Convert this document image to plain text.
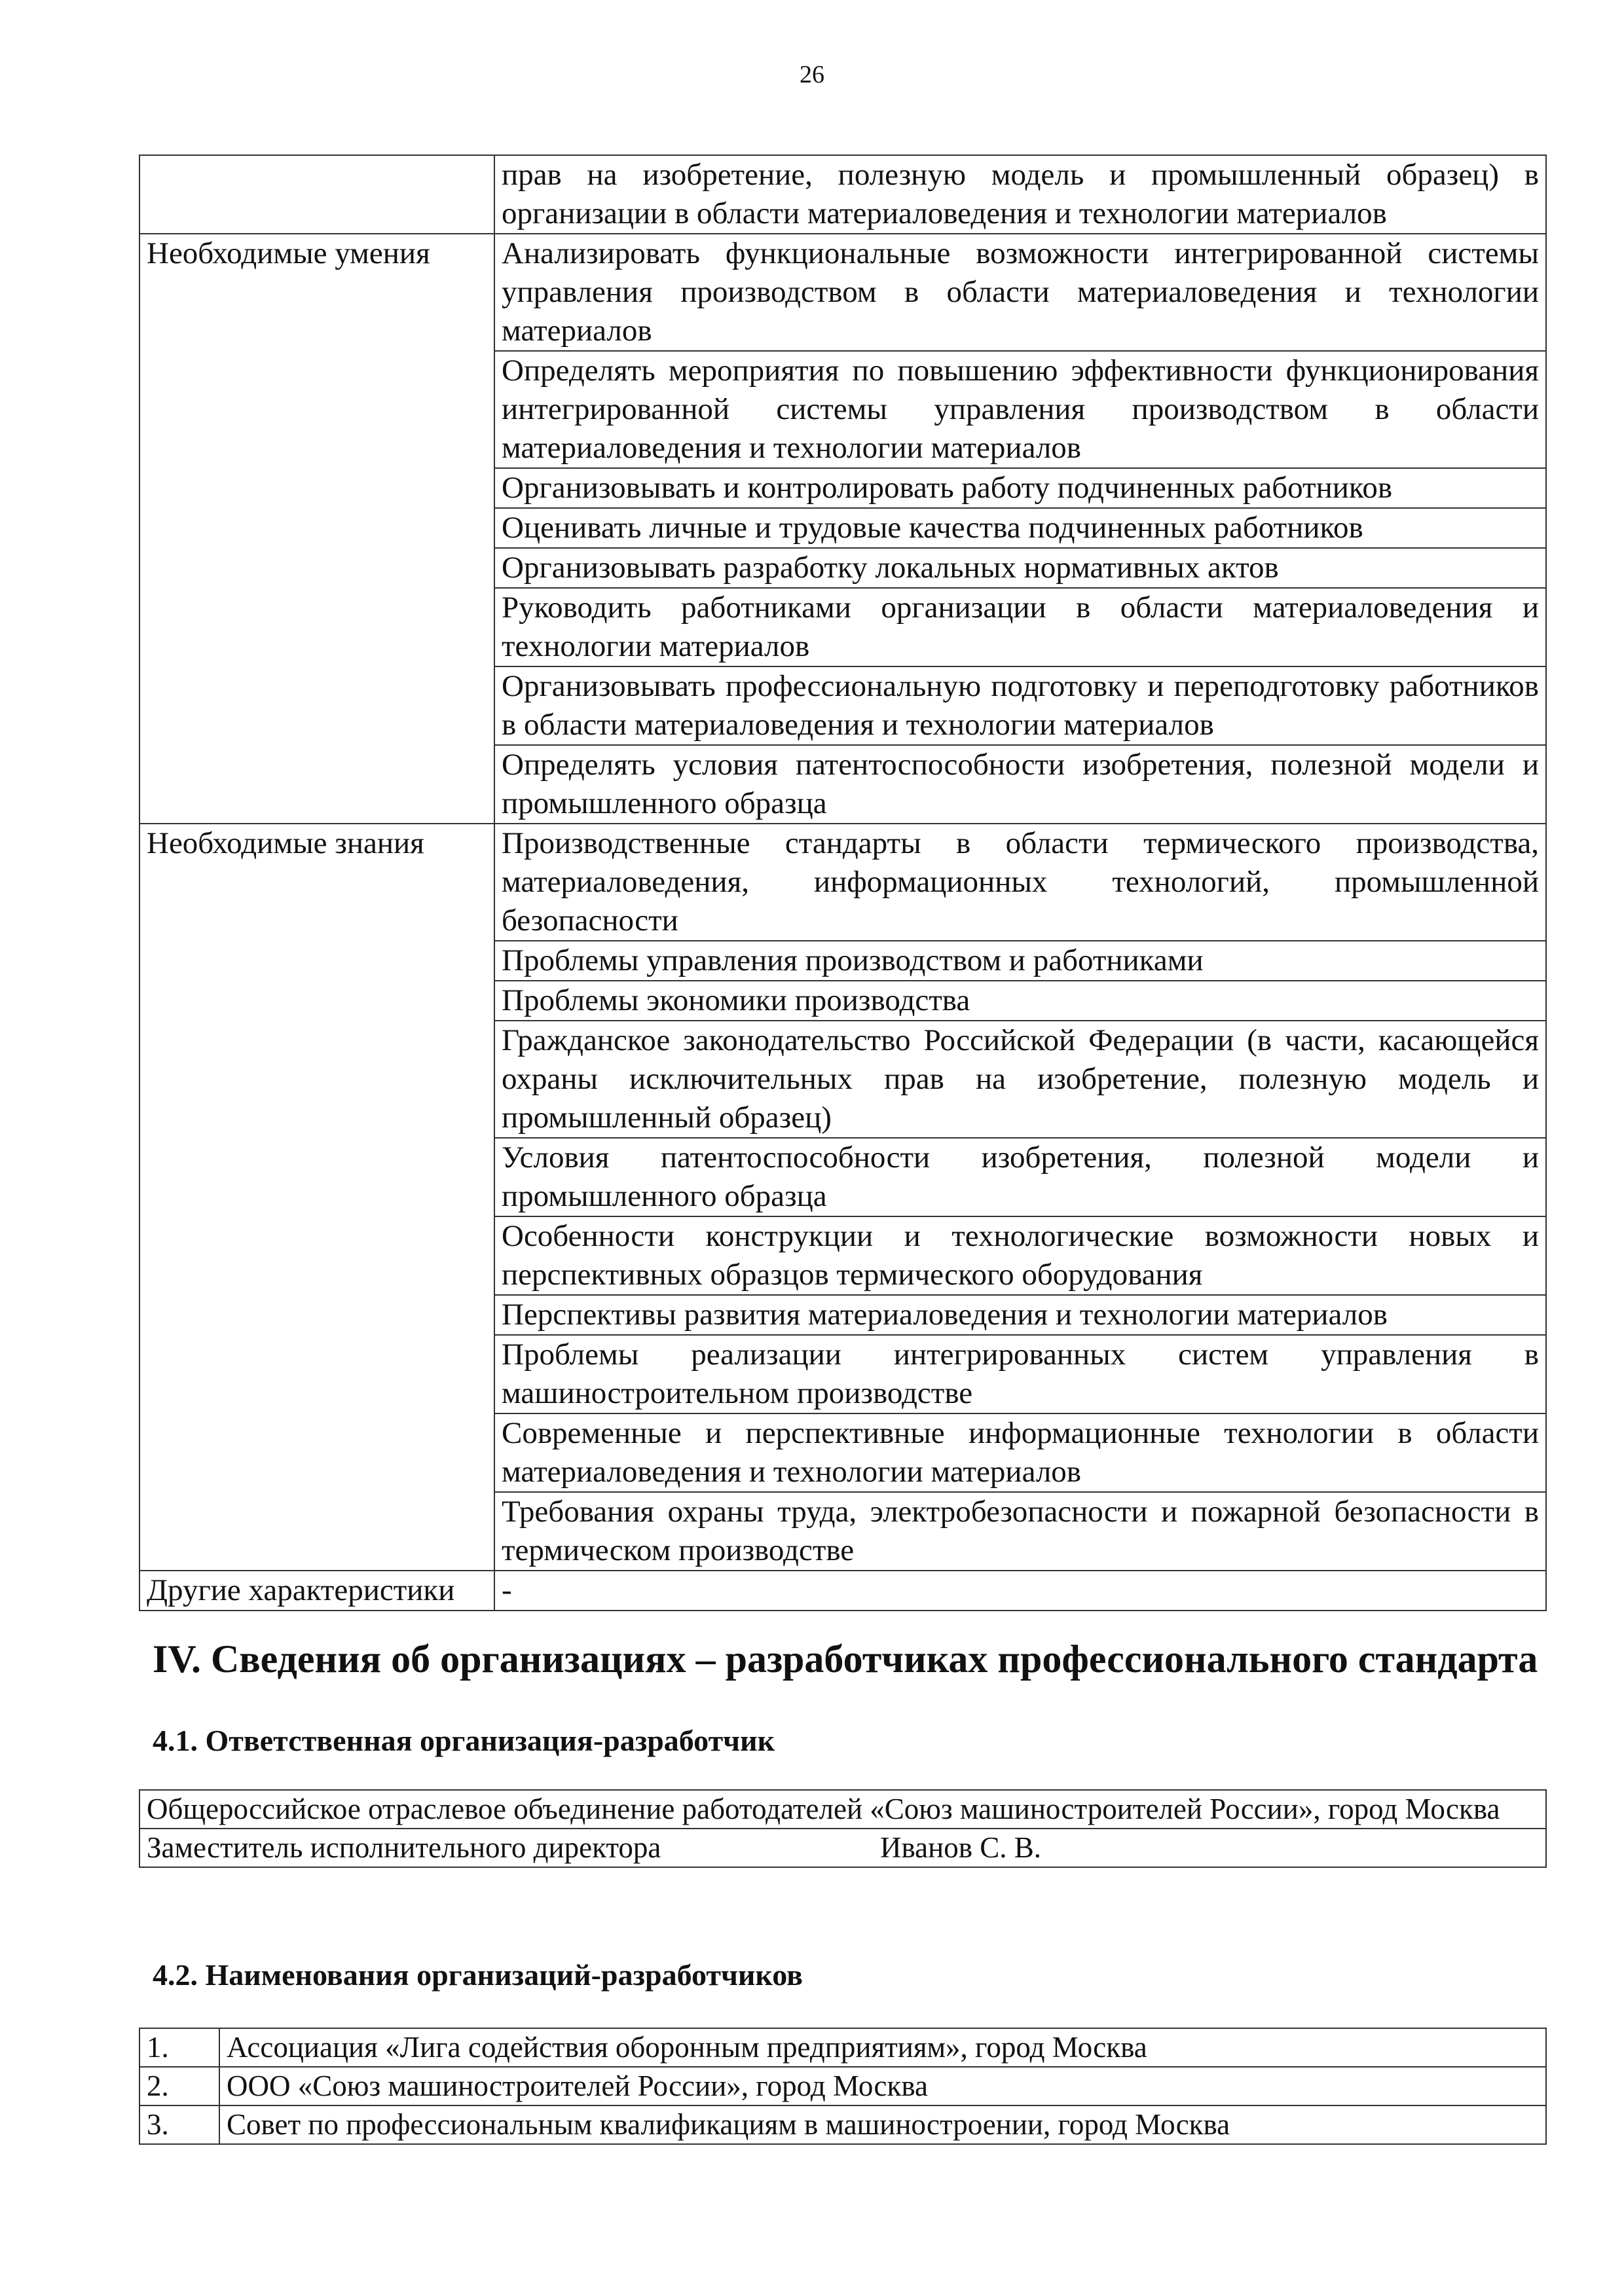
26
	прав на изобретение, полезную модель и промышленный образец) в организации в области материаловедения и технологии материалов
Необходимые умения	Анализировать функциональные возможности интегрированной системы управления производством в области материаловедения и технологии материалов
	Определять мероприятия по повышению эффективности функционирования интегрированной системы управления производством в области материаловедения и технологии материалов
	Организовывать и контролировать работу подчиненных работников
	Оценивать личные и трудовые качества подчиненных работников
	Организовывать разработку локальных нормативных актов
	Руководить работниками организации в области материаловедения и технологии материалов
	Организовывать профессиональную подготовку и переподготовку работников в области материаловедения и технологии материалов
	Определять условия патентоспособности изобретения, полезной модели и промышленного образца
Необходимые знания	Производственные стандарты в области термического производства, материаловедения, информационных технологий, промышленной безопасности
	Проблемы управления производством и работниками
	Проблемы экономики производства
	Гражданское законодательство Российской Федерации (в части, касающейся охраны исключительных прав на изобретение, полезную модель и промышленный образец)
	Условия патентоспособности изобретения, полезной модели и промышленного образца
	Особенности конструкции и технологические возможности новых и перспективных образцов термического оборудования
	Перспективы развития материаловедения и технологии материалов
	Проблемы реализации интегрированных систем управления в машиностроительном производстве
	Современные и перспективные информационные технологии в области материаловедения и технологии материалов
	Требования охраны труда, электробезопасности и пожарной безопасности в термическом производстве
Другие характеристики	-
IV. Сведения об организациях – разработчиках профессионального стандарта
4.1. Ответственная организация-разработчик
Общероссийское отраслевое объединение работодателей «Союз машиностроителей России», город Москва
Заместитель исполнительного директора	Иванов С. В.
4.2. Наименования организаций-разработчиков
1.	Ассоциация «Лига содействия оборонным предприятиям», город Москва
2.	ООО «Союз машиностроителей России», город Москва
3.	Совет по профессиональным квалификациям в машиностроении, город Москва
